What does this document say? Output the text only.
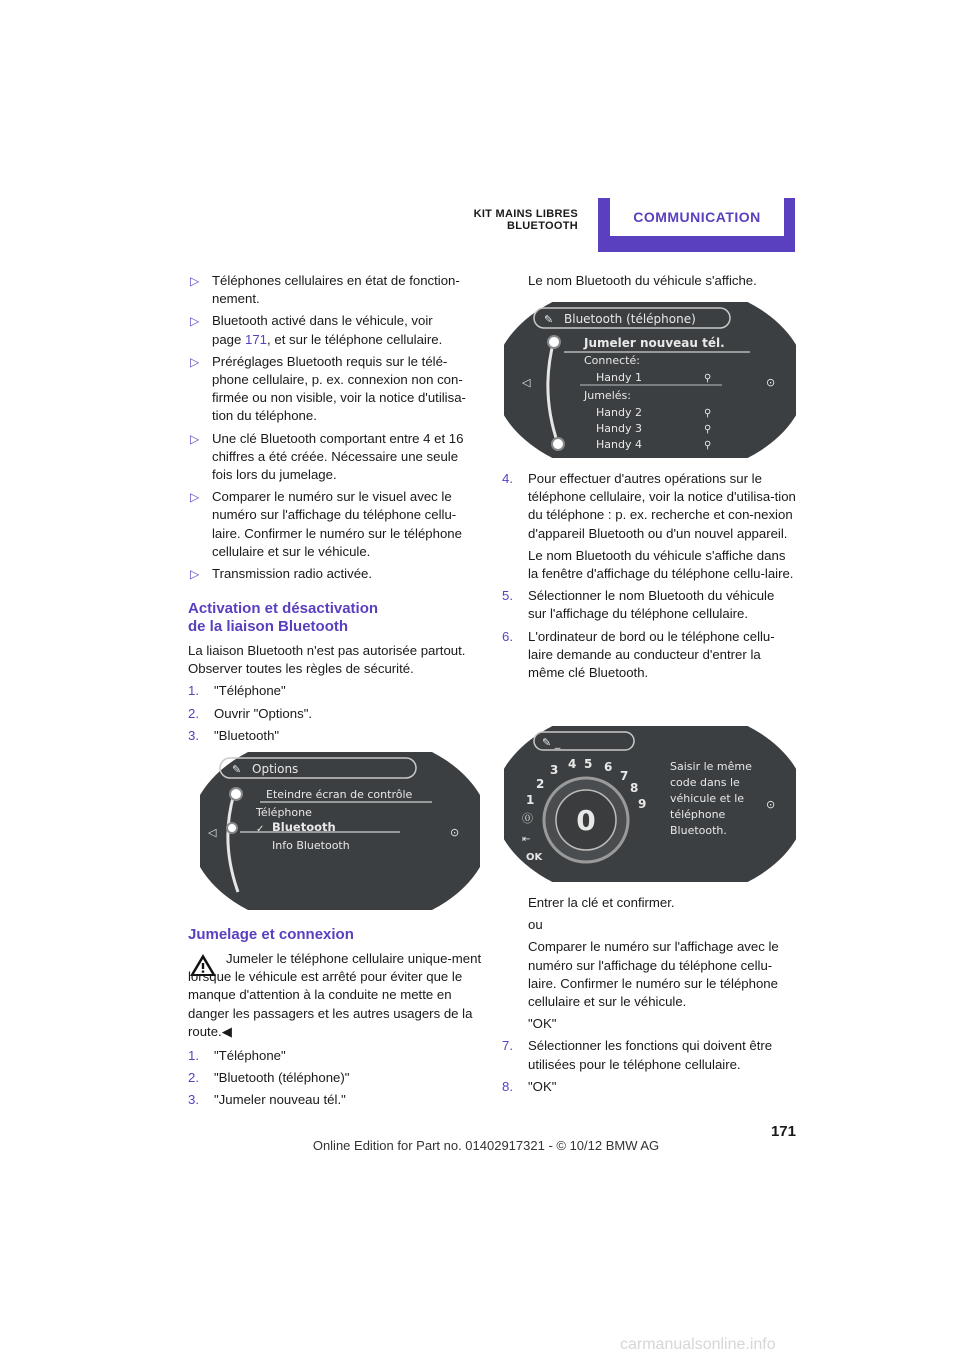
KIT MAINS LIBRES BLUETOOTH
COMMUNICATION
▷ Téléphones cellulaires en état de fonction-nement.
▷ Bluetooth activé dans le véhicule, voir
page 171, et sur le téléphone cellulaire.
▷ Préréglages Bluetooth requis sur le télé-phone cellulaire, p. ex. connexion non con-firmée ou non visible, voir la notice d'utilisa-tion du téléphone.
▷ Une clé Bluetooth comportant entre 4 et 16 chiffres a été créée. Nécessaire une seule fois lors du jumelage.
▷ Comparer le numéro sur le visuel avec le numéro sur l'affichage du téléphone cellu-laire. Confirmer le numéro sur le téléphone cellulaire et sur le véhicule.
▷ Transmission radio activée.
Activation et désactivation
de la liaison Bluetooth

La liaison Bluetooth n'est pas autorisée partout. Observer toutes les règles de sécurité.

1. "Téléphone"
2. Ouvrir "Options".
3. "Bluetooth"
✎ Options
◁	⊙
Eteindre écran de contrôle
Téléphone
✓ Bluetooth
Info Bluetooth
Jumelage et connexion
Jumeler le téléphone cellulaire unique-ment lorsque le véhicule est arrêté pour éviter que le manque d'attention à la conduite ne mette en danger les passagers et les autres usagers de la route.◀
1. "Téléphone"
2. "Bluetooth (téléphone)"
3. "Jumeler nouveau tél."
Le nom Bluetooth du véhicule s'affiche.
✎ Bluetooth (téléphone)
◁	⊙
Jumeler nouveau tél.
Connecté:
Handy 1	⚲
Jumelés:
Handy 2	⚲
Handy 3	⚲
Handy 4	⚲
4. Pour effectuer d'autres opérations sur le téléphone cellulaire, voir la notice d'utilisa-tion du téléphone : p. ex. recherche et con-nexion d'appareil Bluetooth ou d'un nouvel appareil.
Le nom Bluetooth du véhicule s'affiche dans la fenêtre d'affichage du téléphone cellu-laire.
5. Sélectionner le nom Bluetooth du véhicule sur l'affichage du téléphone cellulaire.
6. L'ordinateur de bord ou le téléphone cellu-laire demande au conducteur d'entrer la même clé Bluetooth.
✎ _
0
1
2
3 4 5 6
7
8
9
⓪
⇤
OK
⊙
Saisir le même
code dans le
véhicule et le
téléphone
Bluetooth.
Entrer la clé et confirmer.
ou
Comparer le numéro sur l'affichage avec le numéro sur l'affichage du téléphone cellu-laire. Confirmer le numéro sur le téléphone cellulaire et sur le véhicule.
"OK"
7. Sélectionner les fonctions qui doivent être utilisées pour le téléphone cellulaire.
8. "OK"
171
Online Edition for Part no. 01402917321 - © 10/12 BMW AG
carmanualsonline.info
